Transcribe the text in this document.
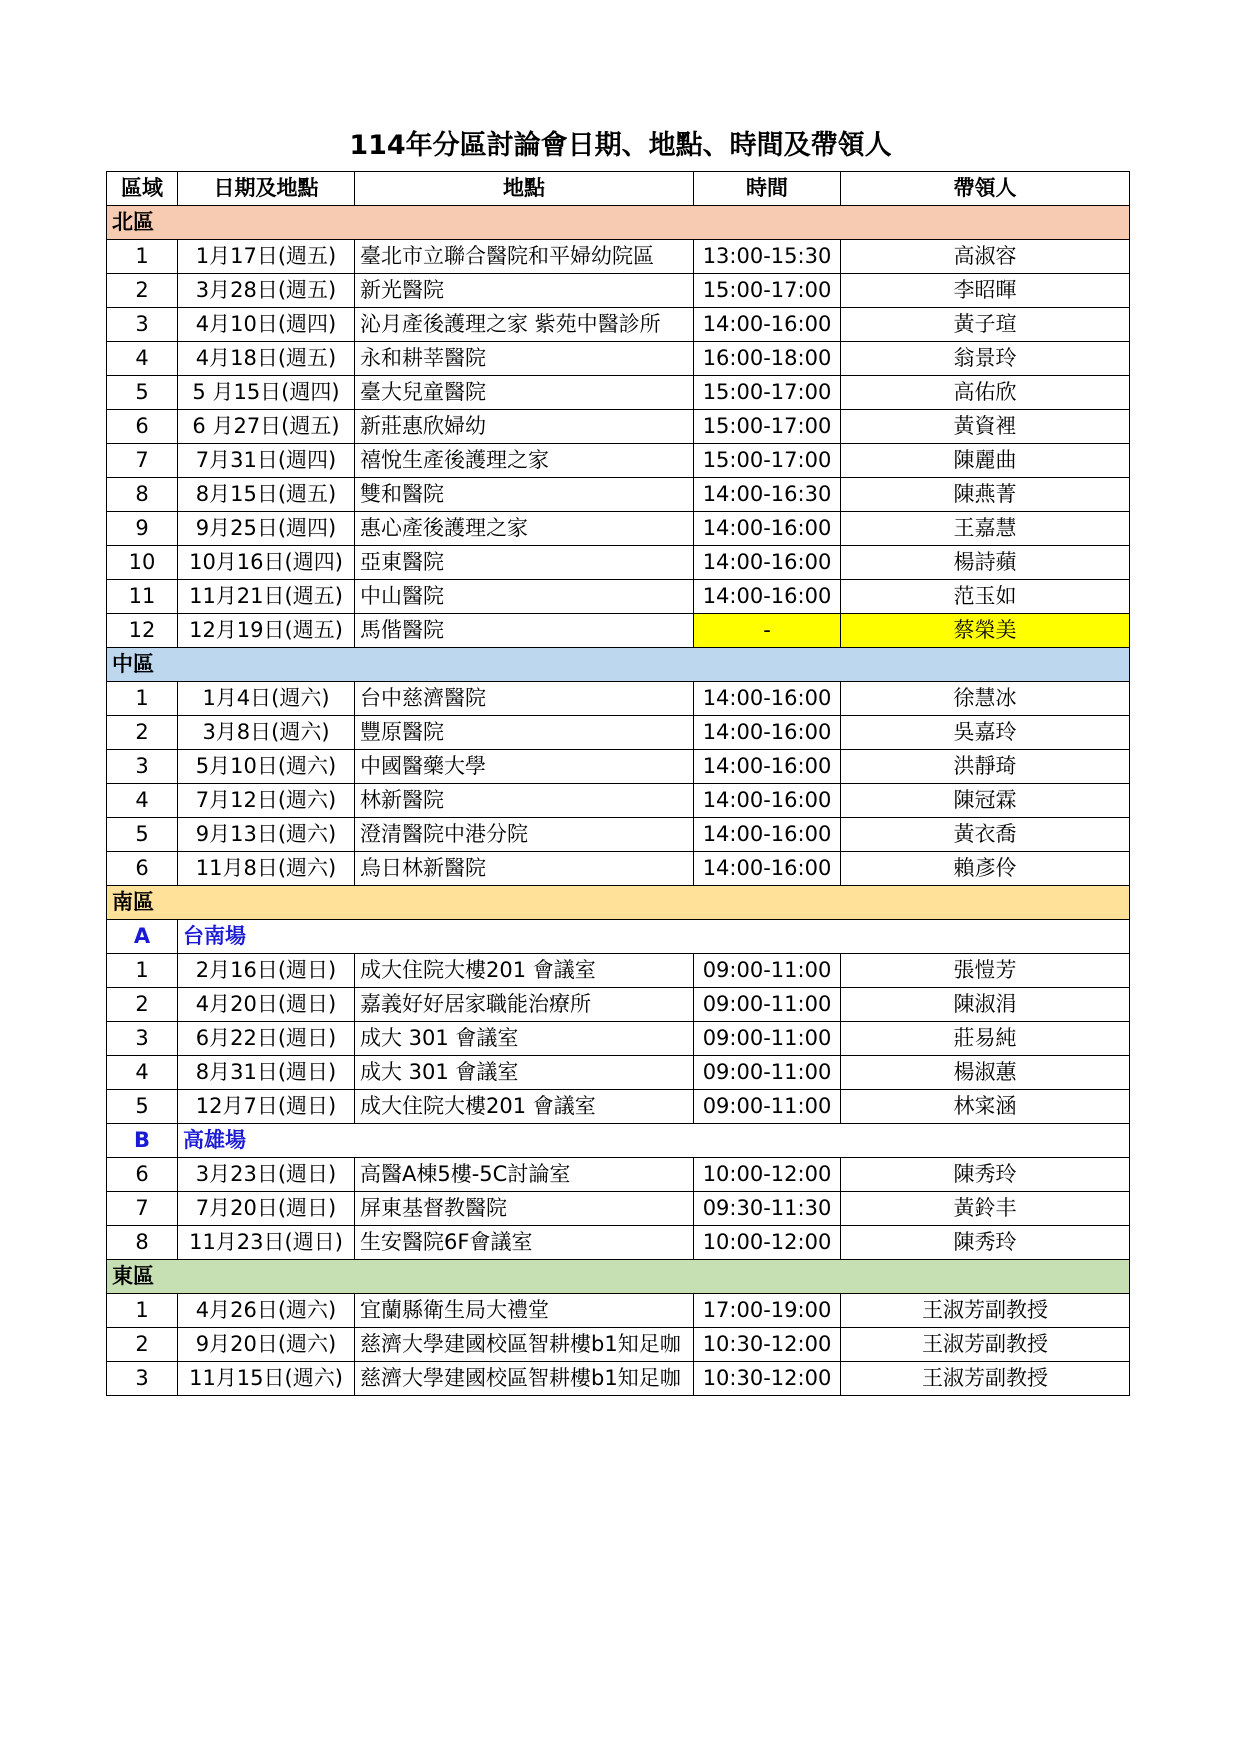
114年分區討論會日期、地點、時間及帶領人
區域	日期及地點	地點	時間	帶領人
北區				
1	1月17日(週五)	臺北市立聯合醫院和平婦幼院區	13:00-15:30	高淑容
2	3月28日(週五)	新光醫院	15:00-17:00	李昭暉
3	4月10日(週四)	沁月產後護理之家 紫苑中醫診所	14:00-16:00	黃子瑄
4	4月18日(週五)	永和耕莘醫院	16:00-18:00	翁景玲
5	5 月15日(週四)	臺大兒童醫院	15:00-17:00	高佑欣
6	6 月27日(週五)	新莊惠欣婦幼	15:00-17:00	黃資裡
7	7月31日(週四)	禧悅生產後護理之家	15:00-17:00	陳麗曲
8	8月15日(週五)	雙和醫院	14:00-16:30	陳燕菁
9	9月25日(週四)	惠心產後護理之家	14:00-16:00	王嘉慧
10	10月16日(週四)	亞東醫院	14:00-16:00	楊詩蘋
11	11月21日(週五)	中山醫院	14:00-16:00	范玉如
12	12月19日(週五)	馬偕醫院	-	蔡榮美
中區				
1	1月4日(週六)	台中慈濟醫院	14:00-16:00	徐慧冰
2	3月8日(週六)	豐原醫院	14:00-16:00	吳嘉玲
3	5月10日(週六)	中國醫藥大學	14:00-16:00	洪靜琦
4	7月12日(週六)	林新醫院	14:00-16:00	陳冠霖
5	9月13日(週六)	澄清醫院中港分院	14:00-16:00	黃衣喬
6	11月8日(週六)	烏日林新醫院	14:00-16:00	賴彥伶
南區				
A	台南場			
1	2月16日(週日)	成大住院大樓201 會議室	09:00-11:00	張愷芳
2	4月20日(週日)	嘉義好好居家職能治療所	09:00-11:00	陳淑涓
3	6月22日(週日)	成大 301 會議室	09:00-11:00	莊易純
4	8月31日(週日)	成大 301 會議室	09:00-11:00	楊淑蕙
5	12月7日(週日)	成大住院大樓201 會議室	09:00-11:00	林寀涵
B	高雄場			
6	3月23日(週日)	高醫A棟5樓-5C討論室	10:00-12:00	陳秀玲
7	7月20日(週日)	屏東基督教醫院	09:30-11:30	黃鈴丰
8	11月23日(週日)	生安醫院6F會議室	10:00-12:00	陳秀玲
東區				
1	4月26日(週六)	宜蘭縣衛生局大禮堂	17:00-19:00	王淑芳副教授
2	9月20日(週六)	慈濟大學建國校區智耕樓b1知足咖	10:30-12:00	王淑芳副教授
3	11月15日(週六)	慈濟大學建國校區智耕樓b1知足咖	10:30-12:00	王淑芳副教授
